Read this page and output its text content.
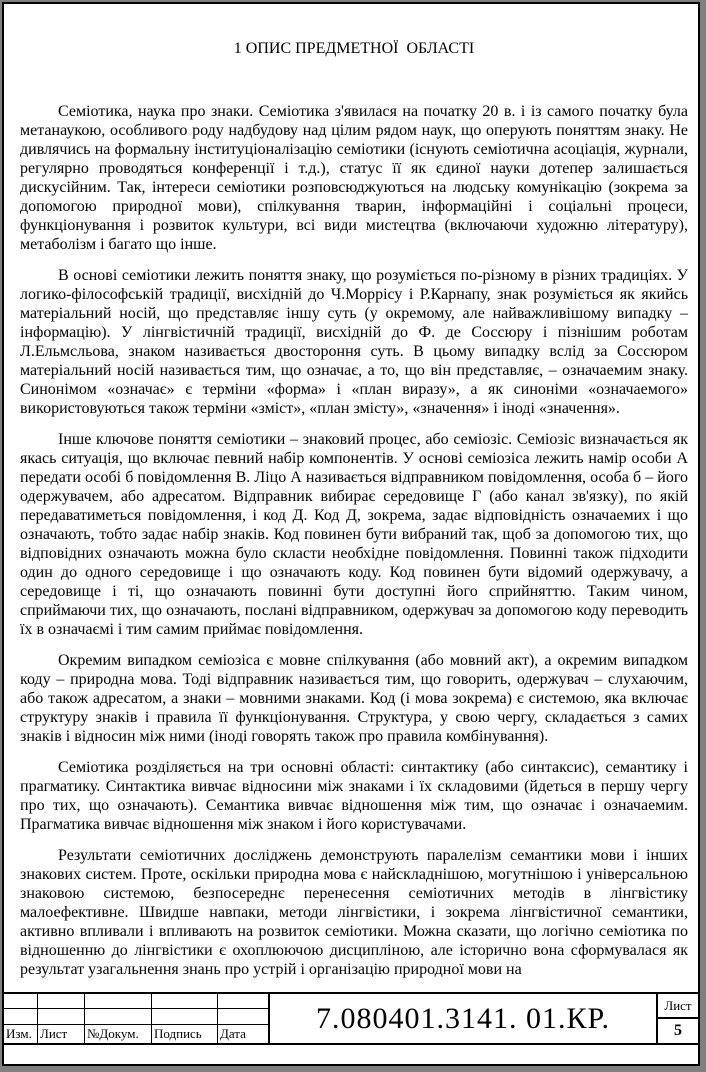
1 ОПИС ПРЕДМЕТНОЇ  ОБЛАСТІ

Семіотика, наука про знаки. Семіотика з'явилася на початку 20 в. і із самого початку була метанаукою, особливого роду надбудову над цілим рядом наук, що оперують поняттям знаку. Не дивлячись на формальну інституціоналізацію семіотики (існують семіотична асоціація, журнали, регулярно проводяться конференції і т.д.), статус її як єдиної науки дотепер залишається дискусійним. Так, інтереси семіотики розповсюджуються на людську комунікацію (зокрема за допомогою природної мови), спілкування тварин, інформаційні і соціальні процеси, функціонування і розвиток культури, всі види мистецтва (включаючи художню літературу), метаболізм і багато що інше.

В основі семіотики лежить поняття знаку, що розуміється по-різному в різних традиціях. У логико-філософській традиції, висхідній до Ч.Моррісу і Р.Карнапу, знак розуміється як якийсь матеріальний носій, що представляє іншу суть (у окремому, але найважливішому випадку – інформацію). У лінгвістичній традиції, висхідній до Ф. де Соссюру і пізнішим роботам Л.Ельмсльова, знаком називається двостороння суть. В цьому випадку вслід за Соссюром матеріальний носій називається тим, що означає, а то, що він представляє, – означаемим знаку. Синонімом «означає» є терміни «форма» і «план виразу», а як синоніми «означаемого» використовуються також терміни «зміст», «план змісту», «значення» і іноді «значення».

Інше ключове поняття семіотики – знаковий процес, або семіозіс. Семіозіс визначається як якась ситуація, що включає певний набір компонентів. У основі семіозіса лежить намір особи А передати особі б повідомлення В. Ліцо А називається відправником повідомлення, особа б – його одержувачем, або адресатом. Відправник вибирає середовище Г (або канал зв'язку), по якій передаватиметься повідомлення, і код Д. Код Д, зокрема, задає відповідність означаемих і що означають, тобто задає набір знаків. Код повинен бути вибраний так, щоб за допомогою тих, що відповідних означають можна було скласти необхідне повідомлення. Повинні також підходити один до одного середовище і що означають коду. Код повинен бути відомий одержувачу, а середовище і ті, що означають повинні бути доступні його сприйняттю. Таким чином, сприймаючи тих, що означають, послані відправником, одержувач за допомогою коду переводить їх в означаємі і тим самим приймає повідомлення.

Окремим випадком семіозіса є мовне спілкування (або мовний акт), а окремим випадком коду – природна мова. Тоді відправник називається тим, що говорить, одержувач – слухаючим, або також адресатом, а знаки – мовними знаками. Код (і мова зокрема) є системою, яка включає структуру знаків і правила її функціонування. Структура, у свою чергу, складається з самих знаків і відносин між ними (іноді говорять також про правила комбінування).

Семіотика розділяється на три основні області: синтактику (або синтаксис), семантику і прагматику. Синтактика вивчає відносини між знаками і їх складовими (йдеться в першу чергу про тих, що означають). Семантика вивчає відношення між тим, що означає і означаемим. Прагматика вивчає відношення між знаком і його користувачами.

Результати семіотичних досліджень демонструють паралелізм семантики мови і інших знакових систем. Проте, оскільки природна мова є найскладнішою, могутнішою і універсальною знаковою системою, безпосереднє перенесення семіотичних методів в лінгвістику малоефективне. Швидше навпаки, методи лінгвістики, і зокрема лінгвістичної семантики, активно впливали і впливають на розвиток семіотики. Можна сказати, що логічно семіотика по відношенню до лінгвістики є охоплюючою дисципліною, але історично вона сформувалася як результат узагальнення знань про устрій і організацію природної мови на

Изм. Лист	№Докум.	Подпись	Дата	7.080401.3141. 01.КР.	Лист
5
